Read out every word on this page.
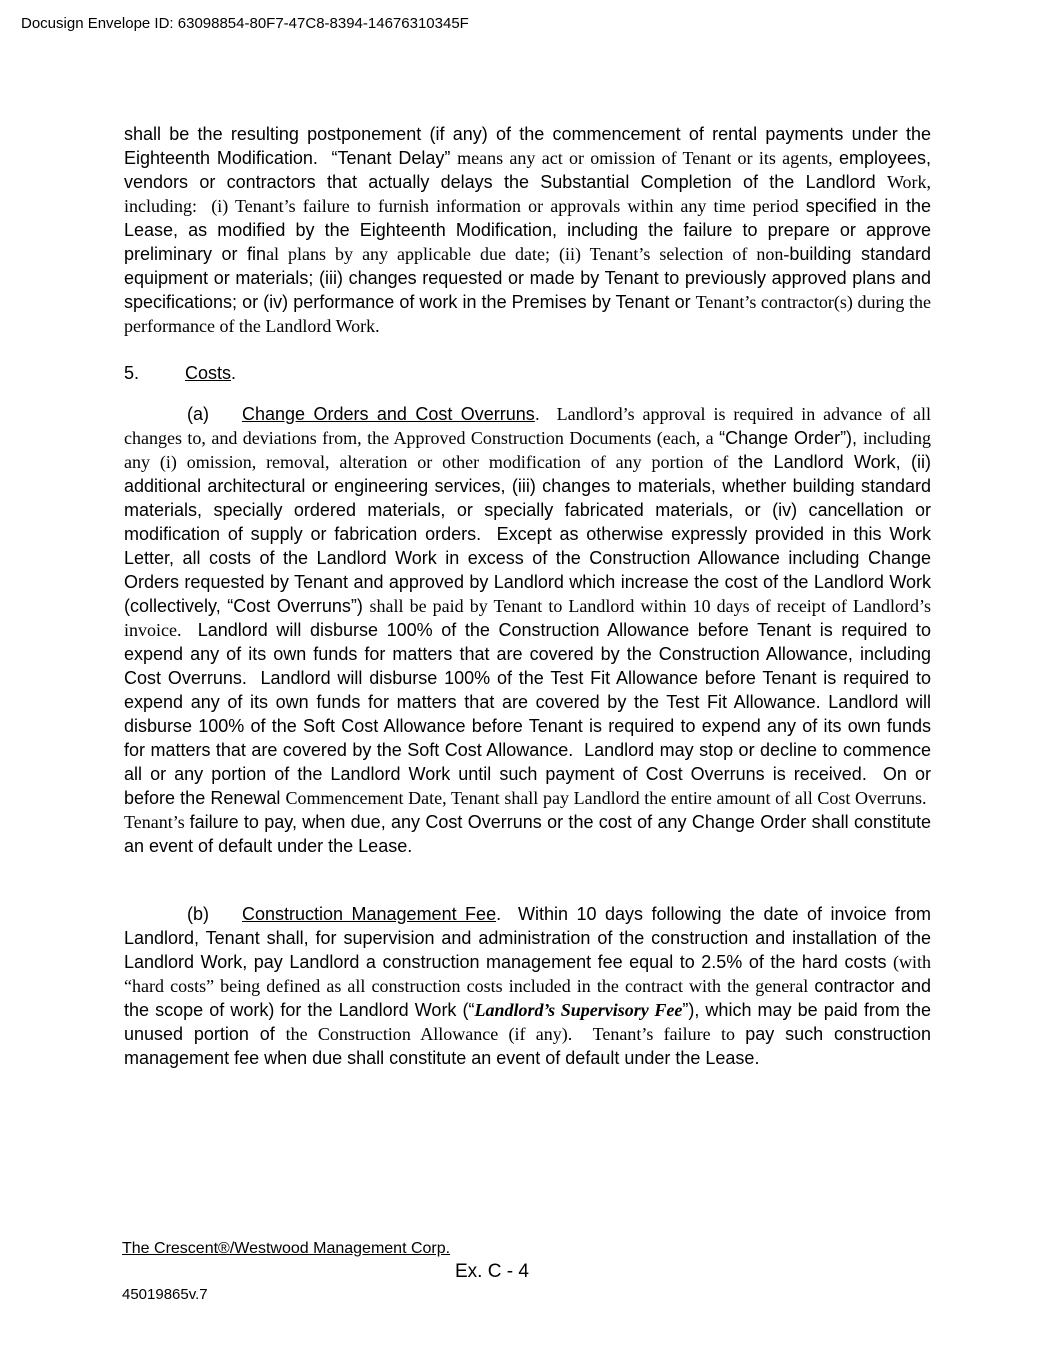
Docusign Envelope ID: 63098854-80F7-47C8-8394-14676310345F

shall be the resulting postponement (if any) of the commencement of rental payments under the Eighteenth Modification.  “Tenant Delay” means any act or omission of Tenant or its agents, employees, vendors or contractors that actually delays the Substantial Completion of the Landlord Work, including:  (i) Tenant’s failure to furnish information or approvals within any time period specified in the Lease, as modified by the Eighteenth Modification, including the failure to prepare or approve preliminary or final plans by any applicable due date; (ii) Tenant’s selection of non-building standard equipment or materials; (iii) changes requested or made by Tenant to previously approved plans and specifications; or (iv) performance of work in the Premises by Tenant or Tenant’s contractor(s) during the performance of the Landlord Work.

5.	Costs.

(a) Change Orders and Cost Overruns.  Landlord’s approval is required in advance of all changes to, and deviations from, the Approved Construction Documents (each, a “Change Order”), including any (i) omission, removal, alteration or other modification of any portion of the Landlord Work, (ii) additional architectural or engineering services, (iii) changes to materials, whether building standard materials, specially ordered materials, or specially fabricated materials, or (iv) cancellation or modification of supply or fabrication orders.  Except as otherwise expressly provided in this Work Letter, all costs of the Landlord Work in excess of the Construction Allowance including Change Orders requested by Tenant and approved by Landlord which increase the cost of the Landlord Work (collectively, “Cost Overruns”) shall be paid by Tenant to Landlord within 10 days of receipt of Landlord’s invoice.  Landlord will disburse 100% of the Construction Allowance before Tenant is required to expend any of its own funds for matters that are covered by the Construction Allowance, including Cost Overruns.  Landlord will disburse 100% of the Test Fit Allowance before Tenant is required to expend any of its own funds for matters that are covered by the Test Fit Allowance. Landlord will disburse 100% of the Soft Cost Allowance before Tenant is required to expend any of its own funds for matters that are covered by the Soft Cost Allowance.  Landlord may stop or decline to commence all or any portion of the Landlord Work until such payment of Cost Overruns is received.  On or before the Renewal Commencement Date, Tenant shall pay Landlord the entire amount of all Cost Overruns.  Tenant’s failure to pay, when due, any Cost Overruns or the cost of any Change Order shall constitute an event of default under the Lease.

(b) Construction Management Fee.  Within 10 days following the date of invoice from Landlord, Tenant shall, for supervision and administration of the construction and installation of the Landlord Work, pay Landlord a construction management fee equal to 2.5% of the hard costs (with “hard costs” being defined as all construction costs included in the contract with the general contractor and the scope of work) for the Landlord Work (“Landlord’s Supervisory Fee”), which may be paid from the unused portion of the Construction Allowance (if any).  Tenant’s failure to pay such construction management fee when due shall constitute an event of default under the Lease.

The Crescent®/Westwood Management Corp.
Ex. C - 4
45019865v.7
